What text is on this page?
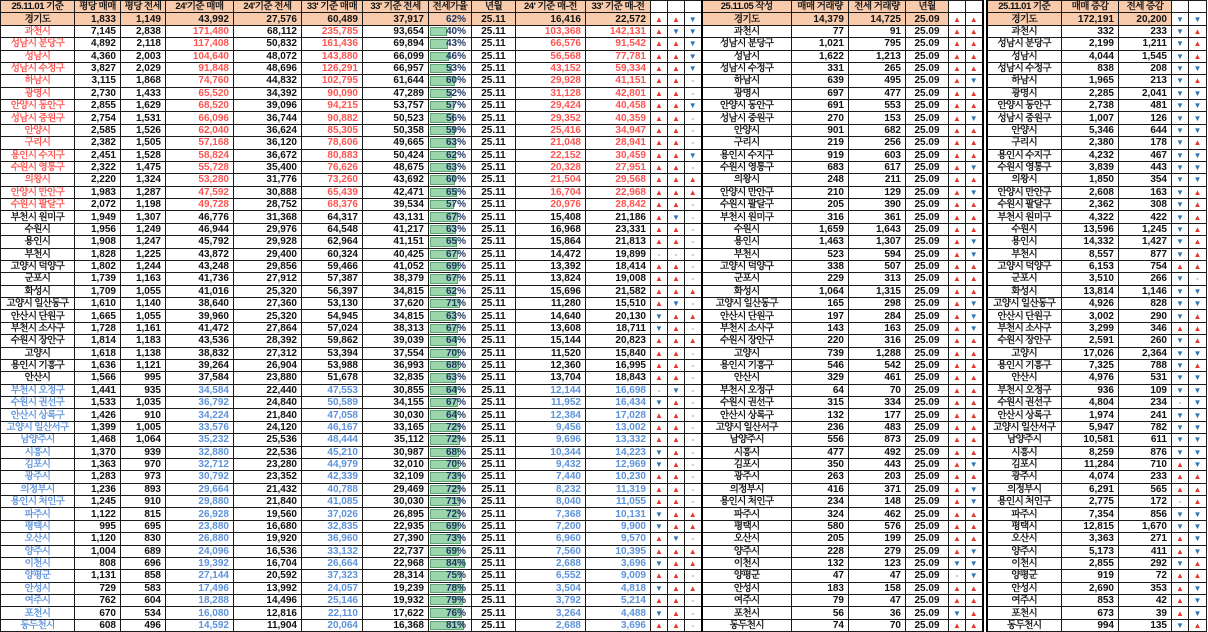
25.11.01 기준	평당 매매	평당 전세	24'기준 매매	24'기준 전세	33' 기준 매매	33' 기준 전세	전세가율	년월	24' 기준 매-전	33' 기준 매-전				25.11.05 작성	매매 거래량	전세 거래량	년월				25.11.01 기준	매매 증감	전세 증감		
경기도	1,833	1,149	43,992	27,576	60,489	37,917	62%	25.11	16,416	22,572	▲	▲	▼	경기도	14,379	14,725	25.09	▲	▲		경기도	172,191	20,200	▼	▼
과천시	7,145	2,838	171,480	68,112	235,785	93,654	40%	25.11	103,368	142,131	▲	▼	▼	과천시	77	91	25.09	▲	▲		과천시	332	233	▼	▲
성남시 분당구	4,892	2,118	117,408	50,832	161,436	69,894	43%	25.11	66,576	91,542	▲	▲	▼	성남시 분당구	1,021	795	25.09	▲	▲		성남시 분당구	2,199	1,211	▼	▲
성남시	4,360	2,003	104,640	48,072	143,880	66,099	46%	25.11	56,568	77,781	▲	▲	▼	성남시	1,622	1,213	25.09	▲	▲		성남시	4,044	1,545	▼	▲
성남시 수정구	3,827	2,029	91,848	48,696	126,291	66,957	53%	25.11	43,152	59,334	▲	▲	▼	성남시 수정구	331	265	25.09	▲	▲		성남시 수정구	838	208	▼	▼
하남시	3,115	1,868	74,760	44,832	102,795	61,644	60%	25.11	29,928	41,151	▲	▲	-	하남시	639	495	25.09	▲	▼		하남시	1,965	213	▼	▲
광명시	2,730	1,433	65,520	34,392	90,090	47,289	52%	25.11	31,128	42,801	▲	▲	-	광명시	697	477	25.09	▲	▲		광명시	2,285	2,041	▼	▼
안양시 동안구	2,855	1,629	68,520	39,096	94,215	53,757	57%	25.11	29,424	40,458	▲	▲	▼	안양시 동안구	691	553	25.09	▲	▲		안양시 동안구	2,738	481	▼	▼
성남시 중원구	2,754	1,531	66,096	36,744	90,882	50,523	56%	25.11	29,352	40,359	▲	▲	-	성남시 중원구	270	153	25.09	▲	▼		성남시 중원구	1,007	126	▼	▼
안양시	2,585	1,526	62,040	36,624	85,305	50,358	59%	25.11	25,416	34,947	▲	▲	-	안양시	901	682	25.09	▲	▲		안양시	5,346	644	▼	▼
구리시	2,382	1,505	57,168	36,120	78,606	49,665	63%	25.11	21,048	28,941	▲	▲	-	구리시	219	256	25.09	▲	▲		구리시	2,380	178	▼	▲
용인시 수지구	2,451	1,528	58,824	36,672	80,883	50,424	62%	25.11	22,152	30,459	▲	▲	▼	용인시 수지구	919	603	25.09	▲	▲		용인시 수지구	4,232	467	▼	▼
수원시 영통구	2,322	1,475	55,728	35,400	76,626	48,675	63%	25.11	20,328	27,951	▲	▲	-	수원시 영통구	683	617	25.09	▲	▼		수원시 영통구	3,839	443	▼	▼
의왕시	2,220	1,324	53,280	31,776	73,260	43,692	60%	25.11	21,504	29,568	▲	▲	▲	의왕시	248	211	25.09	▲	▲		의왕시	1,850	354	▼	▼
안양시 만안구	1,983	1,287	47,592	30,888	65,439	42,471	65%	25.11	16,704	22,968	▲	▲	▲	안양시 만안구	210	129	25.09	▲	▼		안양시 만안구	2,608	163	▼	▲
수원시 팔달구	2,072	1,198	49,728	28,752	68,376	39,534	57%	25.11	20,976	28,842	▲	▲	-	수원시 팔달구	205	390	25.09	▲	▲		수원시 팔달구	2,362	308	▼	▲
부천시 원미구	1,949	1,307	46,776	31,368	64,317	43,131	67%	25.11	15,408	21,186	▲	▼	-	부천시 원미구	316	361	25.09	▲	▲		부천시 원미구	4,322	422	▼	▲
수원시	1,956	1,249	46,944	29,976	64,548	41,217	63%	25.11	16,968	23,331	▲	▲	-	수원시	1,659	1,643	25.09	▲	▲		수원시	13,596	1,245	▼	▲
용인시	1,908	1,247	45,792	29,928	62,964	41,151	65%	25.11	15,864	21,813	▲	▲	-	용인시	1,463	1,307	25.09	▲	▼		용인시	14,332	1,427	▼	▲
부천시	1,828	1,225	43,872	29,400	60,324	40,425	67%	25.11	14,472	19,899	-	-	-	부천시	523	594	25.09	▲	▼		부천시	8,557	877	▼	▲
고양시 덕양구	1,802	1,244	43,248	29,856	59,466	41,052	69%	25.11	13,392	18,414	▲	▲	-	고양시 덕양구	338	507	25.09	▲	▲		고양시 덕양구	6,153	754	▲	▲
군포시	1,739	1,163	41,736	27,912	57,387	38,379	67%	25.11	13,824	19,008	▲	▲	-	군포시	229	313	25.09	▲	▲		군포시	3,510	266	▼	-
화성시	1,709	1,055	41,016	25,320	56,397	34,815	62%	25.11	15,696	21,582	▲	▲	▲	화성시	1,064	1,315	25.09	▲	▲		화성시	13,814	1,146	▼	▼
고양시 일산동구	1,610	1,140	38,640	27,360	53,130	37,620	71%	25.11	11,280	15,510	▲	▼	-	고양시 일산동구	165	298	25.09	▲	▼		고양시 일산동구	4,926	828	▼	▼
안산시 단원구	1,665	1,055	39,960	25,320	54,945	34,815	63%	25.11	14,640	20,130	▼	▲	▲	안산시 단원구	197	284	25.09	▲	▼		안산시 단원구	3,002	290	▼	▲
부천시 소사구	1,728	1,161	41,472	27,864	57,024	38,313	67%	25.11	13,608	18,711	▼	▲	-	부천시 소사구	143	163	25.09	▲	▼		부천시 소사구	3,299	346	▲	▲
수원시 장안구	1,814	1,183	43,536	28,392	59,862	39,039	64%	25.11	15,144	20,823	▲	▲	▲	수원시 장안구	220	316	25.09	▲	▲		수원시 장안구	2,591	260	▼	▲
고양시	1,618	1,138	38,832	27,312	53,394	37,554	70%	25.11	11,520	15,840	▲	▲	-	고양시	739	1,288	25.09	▲	▲		고양시	17,026	2,364	▼	▼
용인시 기흥구	1,636	1,121	39,264	26,904	53,988	36,993	68%	25.11	12,360	16,995	▲	▲	-	용인시 기흥구	546	542	25.09	▲	▲		용인시 기흥구	7,325	788	▼	▲
안산시	1,566	995	37,584	23,880	51,678	32,835	63%	25.11	13,704	18,843	▲	▲	-	안산시	329	461	25.09	▲	▲		안산시	4,976	531	▼	▼
부천시 오정구	1,441	935	34,584	22,440	47,553	30,855	64%	25.11	12,144	16,698	-	▼	-	부천시 오정구	64	70	25.09	▲	▲		부천시 오정구	936	109	▼	▼
수원시 권선구	1,533	1,035	36,792	24,840	50,589	34,155	67%	25.11	11,952	16,434	▼	▲	-	수원시 권선구	315	334	25.09	▲	▲		수원시 권선구	4,804	234	-	▼
안산시 상록구	1,426	910	34,224	21,840	47,058	30,030	64%	25.11	12,384	17,028	▲	▲	-	안산시 상록구	132	177	25.09	▲	▲		안산시 상록구	1,974	241	▼	▼
고양시 일산서구	1,399	1,005	33,576	24,120	46,167	33,165	72%	25.11	9,456	13,002	▲	▲	-	고양시 일산서구	236	483	25.09	▲	▲		고양시 일산서구	5,947	782	▼	▼
남양주시	1,468	1,064	35,232	25,536	48,444	35,112	72%	25.11	9,696	13,332	▲	▲	-	남양주시	556	873	25.09	▲	▲		남양주시	10,581	611	▼	▼
시흥시	1,370	939	32,880	22,536	45,210	30,987	68%	25.11	10,344	14,223	▼	▲	-	시흥시	477	492	25.09	▲	▲		시흥시	8,259	876	▼	▼
김포시	1,363	970	32,712	23,280	44,979	32,010	70%	25.11	9,432	12,969	▼	▲	-	김포시	350	443	25.09	▲	▼		김포시	11,284	710	▲	▼
광주시	1,283	973	30,792	23,352	42,339	32,109	73%	25.11	7,440	10,230	▲	▲	-	광주시	263	203	25.09	▲	▲		광주시	4,074	233	▲	▲
의정부시	1,236	893	29,664	21,432	40,788	29,469	72%	25.11	8,232	11,319	▲	▲	-	의정부시	416	371	25.09	▲	▼		의정부시	6,291	565	▲	▲
용인시 처인구	1,245	910	29,880	21,840	41,085	30,030	71%	25.11	8,040	11,055	▲	▲	-	용인시 처인구	234	148	25.09	▲	▼		용인시 처인구	2,775	172	-	▲
파주시	1,122	815	26,928	19,560	37,026	26,895	72%	25.11	7,368	10,131	▼	▲	▲	파주시	324	462	25.09	▲	▲		파주시	7,354	856	▼	▼
평택시	995	695	23,880	16,680	32,835	22,935	69%	25.11	7,200	9,900	▼	▲	▲	평택시	580	576	25.09	▲	▲		평택시	12,815	1,670	▼	▼
오산시	1,120	830	26,880	19,920	36,960	27,390	73%	25.11	6,960	9,570	▲	▼	-	오산시	205	199	25.09	▲	▲		오산시	3,363	271	▲	▼
양주시	1,004	689	24,096	16,536	33,132	22,737	69%	25.11	7,560	10,395	▲	▲	▲	양주시	228	279	25.09	▲	▼		양주시	5,173	411	▲	▼
이천시	808	696	19,392	16,704	26,664	22,968	84%	25.11	2,688	3,696	▼	▲	▲	이천시	132	123	25.09	▼	▼		이천시	2,855	292	▼	▲
양평군	1,131	858	27,144	20,592	37,323	28,314	75%	25.11	6,552	9,009	▲	▲	-	양평군	47	47	25.09	-	▼		양평군	919	72	▲	▲
안성시	729	583	17,496	13,992	24,057	19,239	78%	25.11	3,504	4,818	▼	▲	▲	안성시	183	158	25.09	▲	▲		안성시	2,690	353	▲	▼
여주시	762	604	18,288	14,496	25,146	19,932	79%	25.11	3,792	5,214	▲	▲	-	여주시	79	47	25.09	▲	▲		여주시	853	42	▲	▼
포천시	670	534	16,080	12,816	22,110	17,622	76%	25.11	3,264	4,488	▼	▲	-	포천시	56	36	25.09	▼	▲		포천시	673	39	▲	▼
동두천시	608	496	14,592	11,904	20,064	16,368	81%	25.11	2,688	3,696	▲	▲	-	동두천시	74	70	25.09	▲	▲		동두천시	994	135	▼	▲
